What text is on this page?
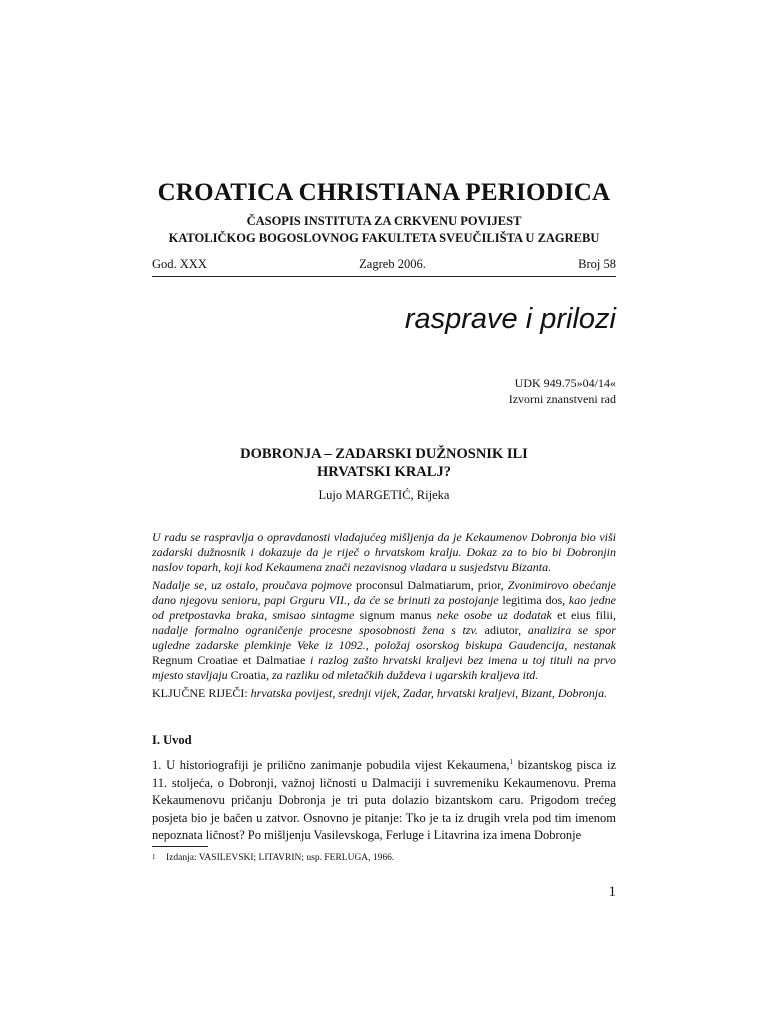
CROATICA CHRISTIANA PERIODICA
ČASOPIS INSTITUTA ZA CRKVENU POVIJEST
KATOLIČKOG BOGOSLOVNOG FAKULTETA SVEUČILIŠTA U ZAGREBU
God. XXX	Zagreb 2006.	Broj 58
rasprave i prilozi
UDK 949.75»04/14«
Izvorni znanstveni rad
DOBRONJA – ZADARSKI DUŽNOSNIK ILI
HRVATSKI KRALJ?
Lujo MARGETIĆ, Rijeka

U radu se raspravlja o opravdanosti vladajućeg mišljenja da je Kekaumenov Dobronja bio viši zadarski dužnosnik i dokazuje da je riječ o hrvatskom kralju. Dokaz za to bio bi Dobronjin naslov toparh, koji kod Kekaumena znači nezavisnog vladara u susjedstvu Bizanta.

Nadalje se, uz ostalo, proučava pojmove proconsul Dalmatiarum, prior, Zvonimirovo obećanje dano njegovu senioru, papi Grguru VII., da će se brinuti za postojanje legitima dos, kao jedne od pretpostavka braka, smisao sintagme signum manus neke osobe uz dodatak et eius filii, nadalje formalno ograničenje procesne sposobnosti žena s tzv. adiutor, analizira se spor ugledne zadarske plemkinje Veke iz 1092., položaj osorskog biskupa Gaudencija, nestanak Regnum Croatiae et Dalmatiae i razlog zašto hrvatski kraljevi bez imena u toj tituli na prvo mjesto stavljaju Croatia, za razliku od mletačkih duždeva i ugarskih kraljeva itd.

KLJUČNE RIJEČI: hrvatska povijest, srednji vijek, Zadar, hrvatski kraljevi, Bizant, Dobronja.

I. Uvod

1. U historiografiji je prilično zanimanje pobudila vijest Kekaumena,$^1$ bizantskog pisca iz 11. stoljeća, o Dobronji, važnoj ličnosti u Dalmaciji i suvremeniku Kekaumenovu. Prema Kekaumenovu pričanju Dobronja je tri puta dolazio bizantskom caru. Prigodom trećeg posjeta bio je bačen u zatvor. Osnovno je pitanje: Tko je ta iz drugih vrela pod tim imenom nepoznata ličnost? Po mišljenju Vasilevskoga, Ferluge i Litavrina iza imena Dobronje

1 Izdanja: VASILEVSKI; LITAVRIN; usp. FERLUGA, 1966.
1
